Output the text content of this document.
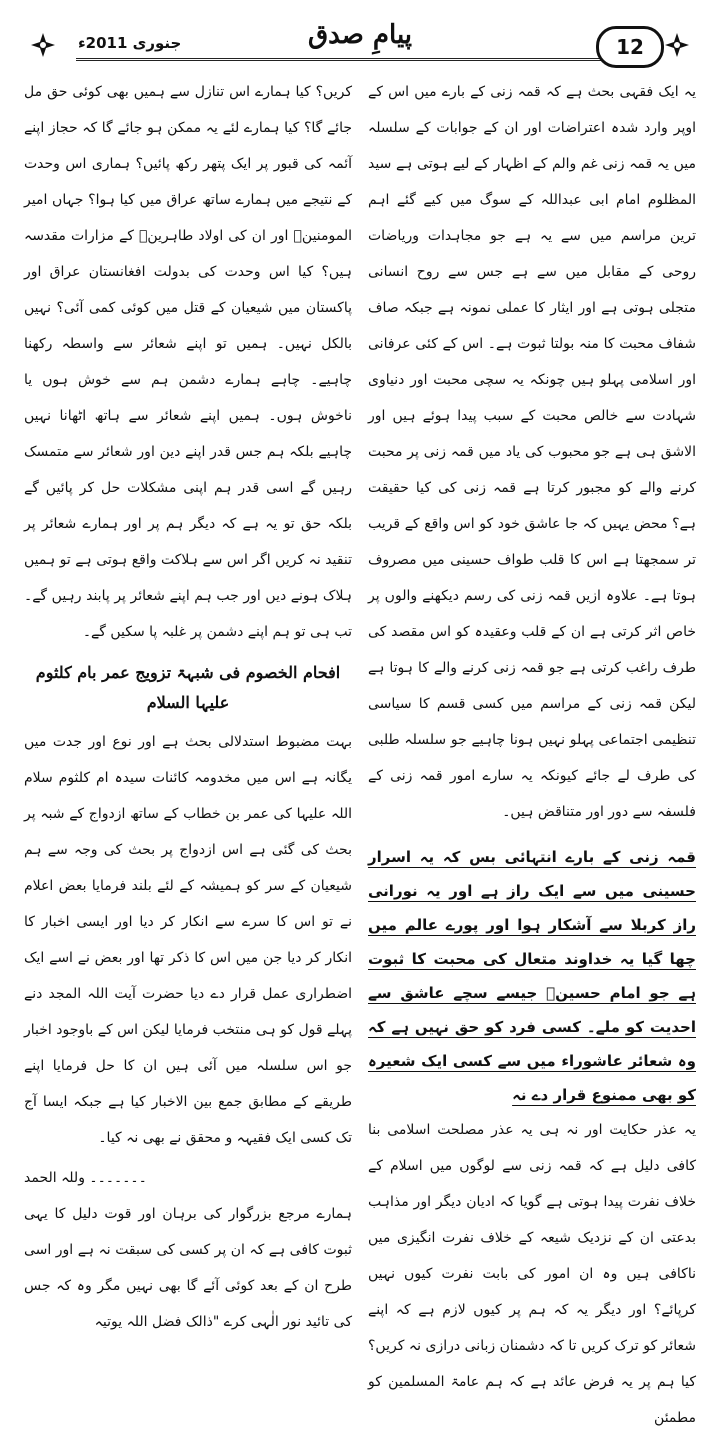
جنوری 2011ء	پیامِ صدق	12

یہ ایک فقہی بحث ہے کہ قمہ زنی کے بارے میں اس کے اوپر وارد شدہ اعتراضات اور ان کے جوابات کے سلسلہ میں یہ قمہ زنی غم والم کے اظہار کے لیے ہوتی ہے سید المظلوم امام ابی عبداللہ کے سوگ میں کیے گئے اہم ترین مراسم میں سے یہ ہے جو مجاہدات وریاضات روحی کے مقابل میں سے ہے جس سے روح انسانی متجلی ہوتی ہے اور ایثار کا عملی نمونہ ہے جبکہ صاف شفاف محبت کا منہ بولتا ثبوت ہے۔ اس کے کئی عرفانی اور اسلامی پہلو ہیں چونکہ یہ سچی محبت اور دنیاوی شہادت سے خالص محبت کے سبب پیدا ہوئے ہیں اور الاشق ہی ہے جو محبوب کی یاد میں قمہ زنی پر محبت کرنے والے کو مجبور کرتا ہے قمہ زنی کی کیا حقیقت ہے؟ محض یہیں کہ جا عاشق خود کو اس واقع کے قریب تر سمجھتا ہے اس کا قلب طواف حسینی میں مصروف ہوتا ہے۔ علاوہ ازیں قمہ زنی کی رسم دیکھنے والوں پر خاص اثر کرتی ہے ان کے قلب وعقیدہ کو اس مقصد کی طرف راغب کرتی ہے جو قمہ زنی کرنے والے کا ہوتا ہے لیکن قمہ زنی کے مراسم میں کسی قسم کا سیاسی تنظیمی اجتماعی پہلو نہیں ہونا چاہیے جو سلسلہ طلبی کی طرف لے جائے کیونکہ یہ سارے امور قمہ زنی کے فلسفہ سے دور اور متناقض ہیں۔

قمہ زنی کے بارے انتہائی بس کہ یہ اسرار حسینی میں سے ایک راز ہے اور یہ نورانی راز کربلا سے آشکار ہوا اور پورے عالم میں چھا گیا یہ خداوند متعال کی محبت کا ثبوت ہے جو امام حسینؑ جیسے سچے عاشق سے احدیت کو ملے۔ کسی فرد کو حق نہیں ہے کہ وہ شعائر عاشوراء میں سے کسی ایک شعیرہ کو بھی ممنوع قرار دے نہ

یہ عذر حکایت اور نہ ہی یہ عذر مصلحت اسلامی بنا کافی دلیل ہے کہ قمہ زنی سے لوگوں میں اسلام کے خلاف نفرت پیدا ہوتی ہے گویا کہ ادیان دیگر اور مذاہب بدعتی ان کے نزدیک شیعہ کے خلاف نفرت انگیزی میں ناکافی ہیں وہ ان امور کی بابت نفرت کیوں نہیں کرپائے؟ اور دیگر یہ کہ ہم پر کیوں لازم ہے کہ اپنے شعائر کو ترک کریں تا کہ دشمنان زبانی درازی نہ کریں؟ کیا ہم پر یہ فرض عائد ہے کہ ہم عامۃ المسلمین کو مطمئن

کریں؟ کیا ہمارے اس تنازل سے ہمیں بھی کوئی حق مل جائے گا؟ کیا ہمارے لئے یہ ممکن ہو جائے گا کہ حجاز اپنے آئمہ کی قبور پر ایک پتھر رکھ پائیں؟ ہماری اس وحدت کے نتیجے میں ہمارے ساتھ عراق میں کیا ہوا؟ جہاں امیر المومنینؑ اور ان کی اولاد طاہرینؑ کے مزارات مقدسہ ہیں؟ کیا اس وحدت کی بدولت افغانستان عراق اور پاکستان میں شیعیان کے قتل میں کوئی کمی آئی؟ نہیں بالکل نہیں۔ ہمیں تو اپنے شعائر سے واسطہ رکھنا چاہیے۔ چاہے ہمارے دشمن ہم سے خوش ہوں یا ناخوش ہوں۔ ہمیں اپنے شعائر سے ہاتھ اٹھانا نہیں چاہیے بلکہ ہم جس قدر اپنے دین اور شعائر سے متمسک رہیں گے اسی قدر ہم اپنی مشکلات حل کر پائیں گے بلکہ حق تو یہ ہے کہ دیگر ہم پر اور ہمارے شعائر پر تنقید نہ کریں اگر اس سے ہلاکت واقع ہوتی ہے تو ہمیں ہلاک ہونے دیں اور جب ہم اپنے شعائر پر پابند رہیں گے۔ تب ہی تو ہم اپنے دشمن پر غلبہ پا سکیں گے۔

افحام الخصوم فی شبہۃ تزویج عمر بام کلثوم علیہا السلام

بہت مضبوط استدلالی بحث ہے اور نوع اور جدت میں یگانہ ہے اس میں مخدومہ کائنات سیدہ ام کلثوم سلام اللہ علیہا کی عمر بن خطاب کے ساتھ ازدواج کے شبہ پر بحث کی گئی ہے اس ازدواج پر بحث کی وجہ سے ہم شیعیان کے سر کو ہمیشہ کے لئے بلند فرمایا بعض اعلام نے تو اس کا سرے سے انکار کر دیا اور ایسی اخبار کا انکار کر دیا جن میں اس کا ذکر تھا اور بعض نے اسے ایک اضطراری عمل قرار دے دیا حضرت آیت اللہ المجد دنے پہلے قول کو ہی منتخب فرمایا لیکن اس کے باوجود اخبار جو اس سلسلہ میں آئی ہیں ان کا حل فرمایا اپنے طریقے کے مطابق جمع بین الاخبار کیا ہے جبکہ ایسا آج تک کسی ایک فقیہہ و محقق نے بھی نہ کیا۔

۔۔۔۔۔۔۔ وللہ الحمد

ہمارے مرجع بزرگوار کی برہان اور قوت دلیل کا یہی ثبوت کافی ہے کہ ان پر کسی کی سبقت نہ ہے اور اسی طرح ان کے بعد کوئی آئے گا بھی نہیں مگر وہ کہ جس کی تائید نور الٰہی کرے "ذالک فضل اللہ یوتیہ
